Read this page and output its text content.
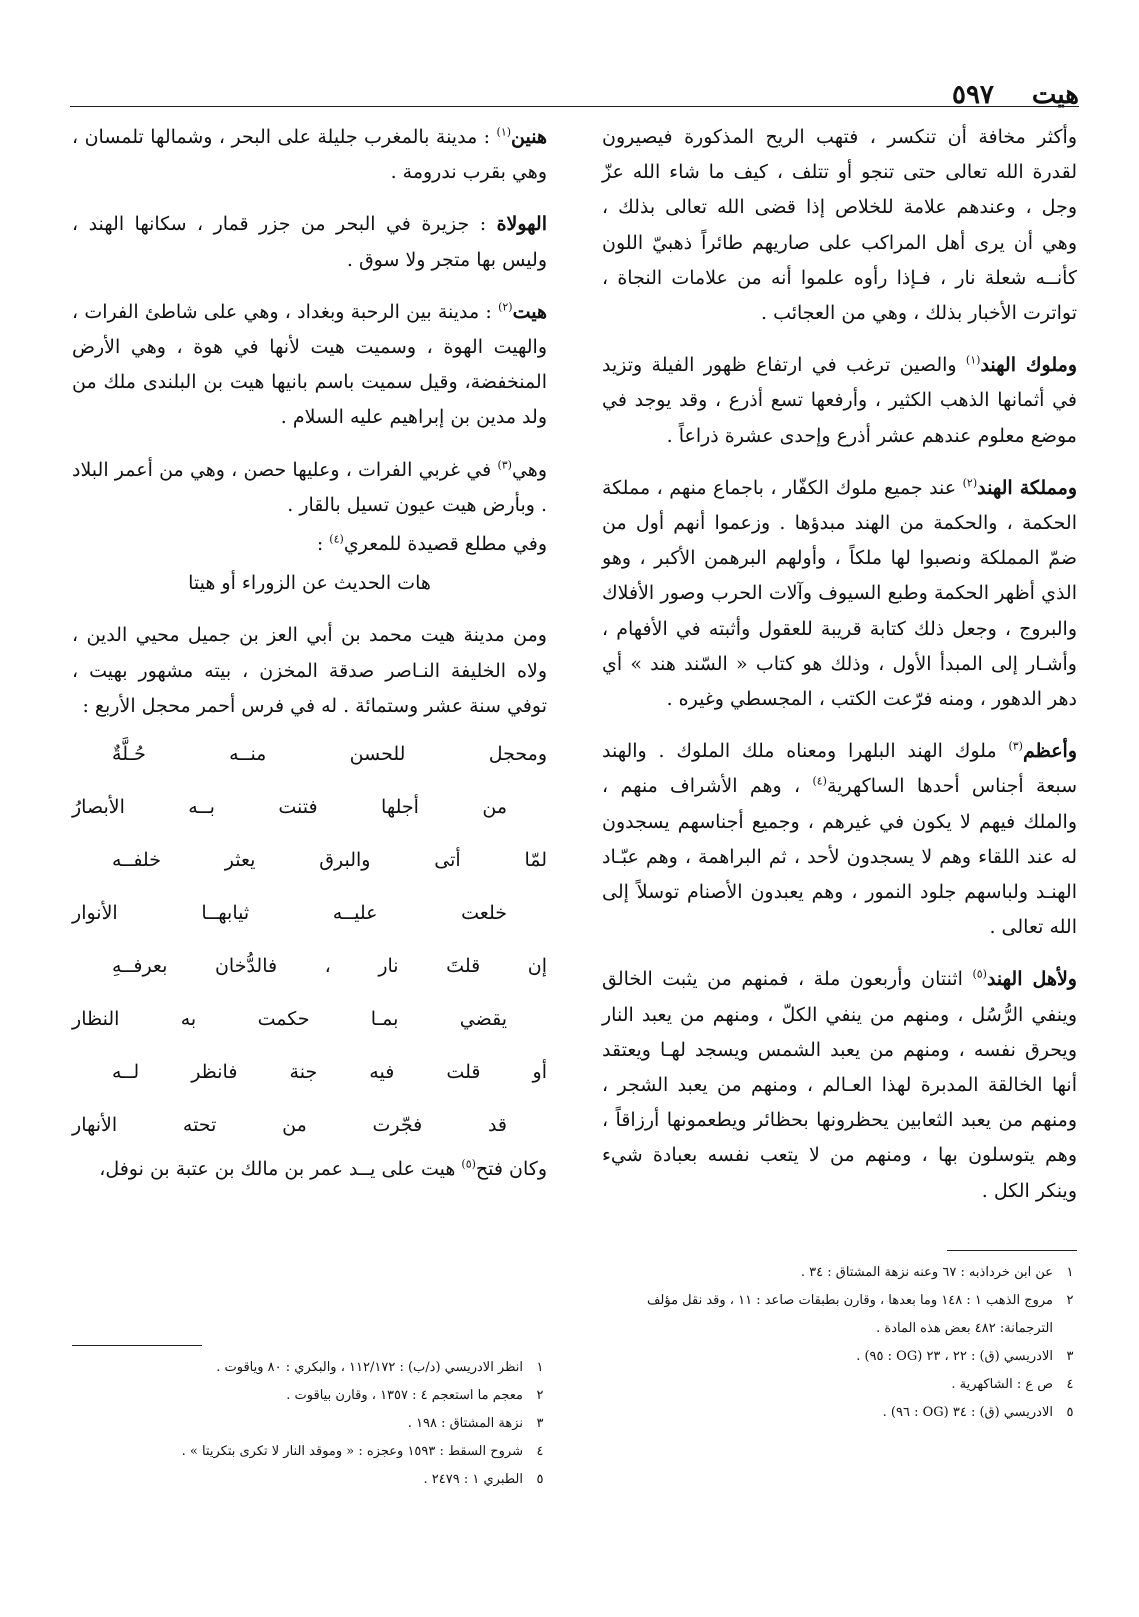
هيت
٥٩٧

وأكثر مخافة أن تنكسر ، فتهب الريح المذكورة فيصيرون لقدرة الله تعالى حتى تنجو أو تتلف ، كيف ما شاء الله عزّ وجل ، وعندهم علامة للخلاص إذا قضى الله تعالى بذلك ، وهي أن يرى أهل المراكب على صاريهم طائراً ذهبيّ اللون كأنــه شعلة نار ، فـإذا رأوه علموا أنه من علامات النجاة ، تواترت الأخبار بذلك ، وهي من العجائب .

وملوك الهند$^{(١)}$ والصين ترغب في ارتفاع ظهور الفيلة وتزيد في أثمانها الذهب الكثير ، وأرفعها تسع أذرع ، وقد يوجد في موضع معلوم عندهم عشر أذرع وإحدى عشرة ذراعاً .

ومملكة الهند$^{(٢)}$ عند جميع ملوك الكفّار ، باجماع منهم ، مملكة الحكمة ، والحكمة من الهند مبدؤها . وزعموا أنهم أول من ضمّ المملكة ونصبوا لها ملكاً ، وأولهم البرهمن الأكبر ، وهو الذي أظهر الحكمة وطبع السيوف وآلات الحرب وصور الأفلاك والبروج ، وجعل ذلك كتابة قريبة للعقول وأثبته في الأفهام ، وأشـار إلى المبدأ الأول ، وذلك هو كتاب « السّند هند » أي دهر الدهور ، ومنه فرّعت الكتب ، المجسطي وغيره .

وأعظم$^{(٣)}$ ملوك الهند البلهرا ومعناه ملك الملوك . والهند سبعة أجناس أحدها الساكهرية$^{(٤)}$ ، وهم الأشراف منهم ، والملك فيهم لا يكون في غيرهم ، وجميع أجناسهم يسجدون له عند اللقاء وهم لا يسجدون لأحد ، ثم البراهمة ، وهم عبّـاد الهنـد ولباسهم جلود النمور ، وهم يعبدون الأصنام توسلاً إلى الله تعالى .

ولأهل الهند$^{(٥)}$ اثنتان وأربعون ملة ، فمنهم من يثبت الخالق وينفي الرُّسُل ، ومنهم من ينفي الكلّ ، ومنهم من يعبد النار ويحرق نفسه ، ومنهم من يعبد الشمس ويسجد لهـا ويعتقد أنها الخالقة المدبرة لهذا العـالم ، ومنهم من يعبد الشجر ، ومنهم من يعبد الثعابين يحظرونها بحظائر ويطعمونها أرزاقاً ، وهم يتوسلون بها ، ومنهم من لا يتعب نفسه بعبادة شيء وينكر الكل .

١
عن ابن خرداذبه : ٦٧ وعنه نزهة المشتاق : ٣٤ .
٢
مروج الذهب ١ : ١٤٨ وما بعدها ، وقارن بطبقات صاعد : ١١ ، وقد نقل مؤلف الترجمانة: ٤٨٢ بعض هذه المادة .
٣
الادريسي (ق) : ٢٢ ، ٢٣ (OG : ٩٥) .
٤
ص ع : الشاكهرية .
٥
الادريسي (ق) : ٣٤ (OG : ٩٦) .

هنين$^{(١)}$ : مدينة بالمغرب جليلة على البحر ، وشمالها تلمسان ، وهي بقرب ندرومة .

الهولاة : جزيرة في البحر من جزر قمار ، سكانها الهند ، وليس بها متجر ولا سوق .

هيت$^{(٢)}$ : مدينة بين الرحبة وبغداد ، وهي على شاطئ الفرات ، والهيت الهوة ، وسميت هيت لأنها في هوة ، وهي الأرض المنخفضة، وقيل سميت باسم بانيها هيت بن البلندى ملك من ولد مدين بن إبراهيم عليه السلام .

وهي$^{(٣)}$ في غربي الفرات ، وعليها حصن ، وهي من أعمر البلاد . وبأرض هيت عيون تسيل بالقار .

وفي مطلع قصيدة للمعري$^{(٤)}$ :

هات الحديث عن الزوراء أو هيتا

ومن مدينة هيت محمد بن أبي العز بن جميل محيي الدين ، ولاه الخليفة النـاصر صدقة المخزن ، بيته مشهور بهيت ، توفي سنة عشر وستمائة . له في فرس أحمر محجل الأربع :

ومحجل
للحسن
منــه
حُـلَّةٌ
من
أجلها
فتنت
بــه
الأبصارُ
لمّا
أتى
والبرق
يعثر
خلفــه
خلعت
عليــه
ثيابهــا
الأنوار
إن
قلتَ
نار
،
فالدُّخان
بعرفــهِ
يقضي
بمـا
حكمت
به
النظار
أو
قلت
فيه
جنة
فانظر
لــه
قد
فجّرت
من
تحته
الأنهار

وكان فتح$^{(٥)}$ هيت على يــد عمر بن مالك بن عتبة بن نوفل،

١
انظر الادريسي (د/ب) : ١١٢/١٧٢ ، والبكري : ٨٠ وياقوت .
٢
معجم ما استعجم ٤ : ١٣٥٧ ، وقارن بياقوت .
٣
نزهة المشتاق : ١٩٨ .
٤
شروح السقط : ١٥٩٣ وعجزه : « وموقد النار لا تكرى بتكريتا » .
٥
الطبري ١ : ٢٤٧٩ .
